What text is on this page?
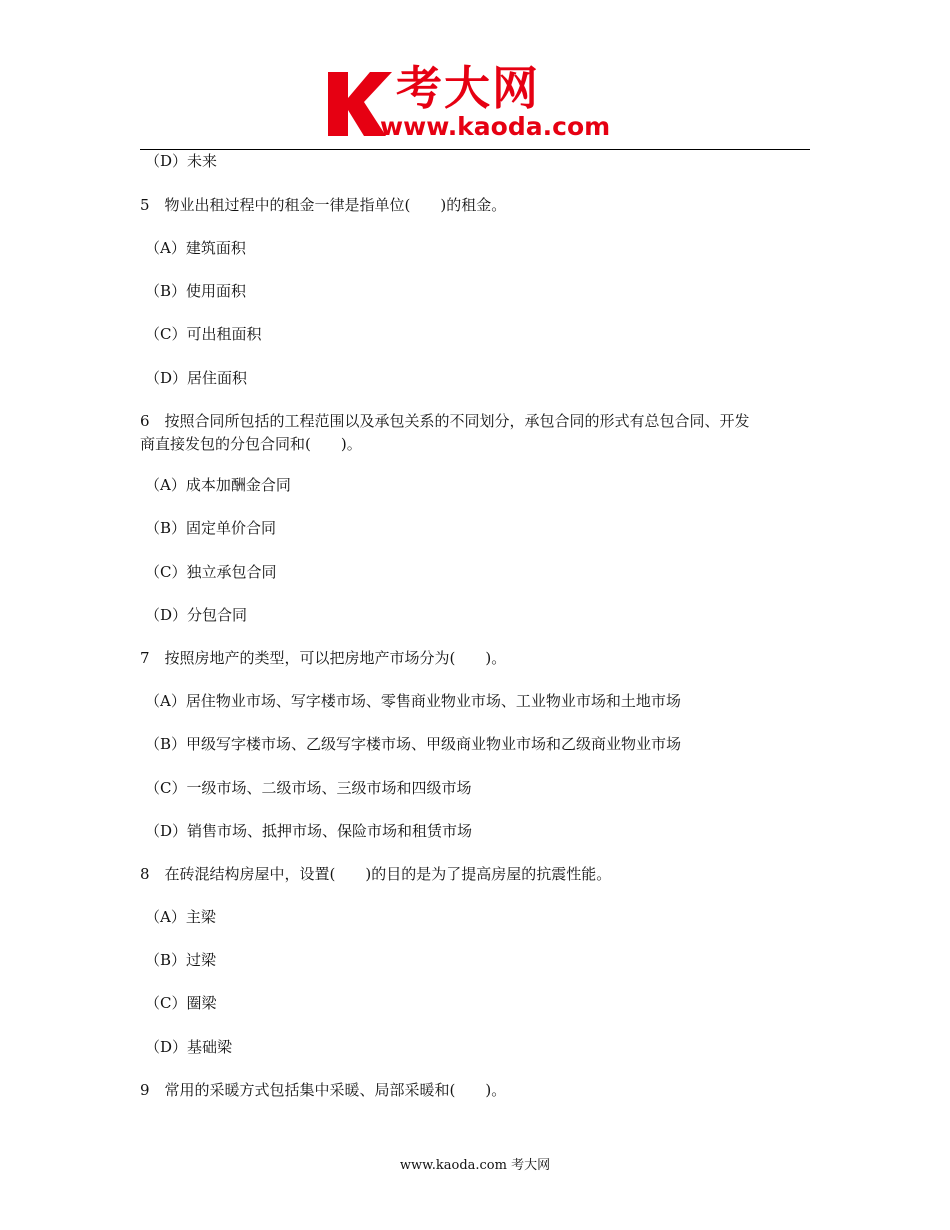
考大网
www.kaoda.com
（D）未来
5　物业出租过程中的租金一律是指单位(　　)的租金。
（A）建筑面积
（B）使用面积
（C）可出租面积
（D）居住面积
6　按照合同所包括的工程范围以及承包关系的不同划分，承包合同的形式有总包合同、开发
商直接发包的分包合同和(　　)。
（A）成本加酬金合同
（B）固定单价合同
（C）独立承包合同
（D）分包合同
7　按照房地产的类型，可以把房地产市场分为(　　)。
（A）居住物业市场、写字楼市场、零售商业物业市场、工业物业市场和土地市场
（B）甲级写字楼市场、乙级写字楼市场、甲级商业物业市场和乙级商业物业市场
（C）一级市场、二级市场、三级市场和四级市场
（D）销售市场、抵押市场、保险市场和租赁市场
8　在砖混结构房屋中，设置(　　)的目的是为了提高房屋的抗震性能。
（A）主梁
（B）过梁
（C）圈梁
（D）基础梁
9　常用的采暖方式包括集中采暖、局部采暖和(　　)。
www.kaoda.com 考大网
